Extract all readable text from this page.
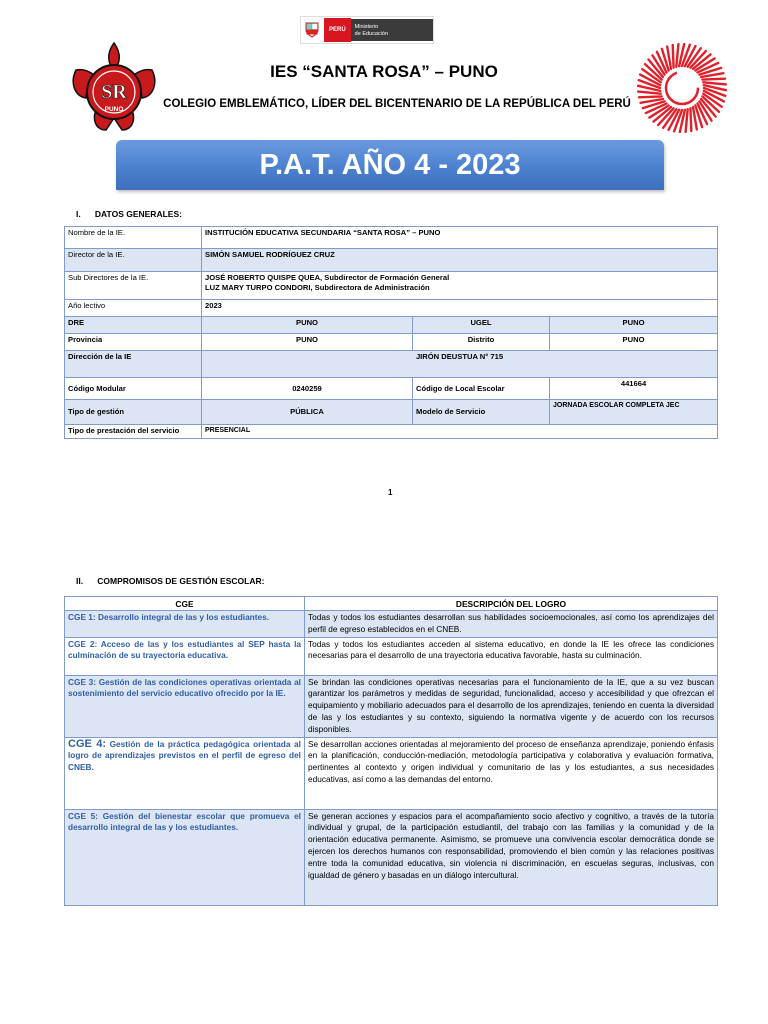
PERÚ	Ministerio
de Educación
SR
PUNO
IES “SANTA ROSA” – PUNO
COLEGIO EMBLEMÁTICO, LÍDER DEL BICENTENARIO DE LA REPÚBLICA DEL PERÚ
P.A.T. AÑO 4 - 2023
I.      DATOS GENERALES:
Nombre de la IE.	INSTITUCIÓN EDUCATIVA SECUNDARIA “SANTA ROSA” – PUNO		
Director de la IE.	SIMÓN SAMUEL RODRÍGUEZ CRUZ		
Sub Directores de la IE.	JOSÉ ROBERTO QUISPE QUEA, Subdirector de Formación General
LUZ MARY TURPO CONDORI, Subdirectora de Administración		

Año lectivo	2023		
DRE	PUNO	UGEL	PUNO
Provincia	PUNO	Distrito	PUNO
Dirección de la IE	JIRÓN DEUSTUA N° 715		
Código Modular	0240259	Código de Local Escolar	441664
Tipo de gestión	PÚBLICA	Modelo de Servicio	JORNADA ESCOLAR COMPLETA JEC
Tipo de prestación del servicio	PRESENCIAL		
1
II.      COMPROMISOS DE GESTIÓN ESCOLAR:
CGE	DESCRIPCIÓN DEL LOGRO
CGE 1: Desarrollo integral de las y los estudiantes.	Todas y todos los estudiantes desarrollan sus habilidades socioemocionales, así como los aprendizajes del perfil de egreso establecidos en el CNEB.
CGE 2: Acceso de las y los estudiantes al SEP hasta la culminación de su trayectoria educativa.	Todas y todos los estudiantes acceden al sistema educativo, en donde la IE les ofrece las condiciones necesarias para el desarrollo de una trayectoria educativa favorable, hasta su culminación.
CGE 3: Gestión de las condiciones operativas orientada al sostenimiento del servicio educativo ofrecido por la IE.	Se brindan las condiciones operativas necesarias para el funcionamiento de la IE, que a su vez buscan garantizar los parámetros y medidas de seguridad, funcionalidad, acceso y accesibilidad y que ofrezcan el equipamiento y mobiliario adecuados para el desarrollo de los aprendizajes, teniendo en cuenta la diversidad de las y los estudiantes y su contexto, siguiendo la normativa vigente y de acuerdo con los recursos disponibles.
CGE 4: Gestión de la práctica pedagógica orientada al logro de aprendizajes previstos en el perfil de egreso del CNEB.	Se desarrollan acciones orientadas al mejoramiento del proceso de enseñanza aprendizaje, poniendo énfasis en la planificación, conducción-mediación, metodología participativa y colaborativa y evaluación formativa, pertinentes al contexto y origen individual y comunitario de las y los estudiantes, a sus necesidades educativas, así como a las demandas del entorno.
CGE 5: Gestión del bienestar escolar que promueva el desarrollo integral de las y los estudiantes.	Se generan acciones y espacios para el acompañamiento socio afectivo y cognitivo, a través de la tutoría individual y grupal, de la participación estudiantil, del trabajo con las familias y la comunidad y de la orientación educativa permanente. Asimismo, se promueve una convivencia escolar democrática donde se ejercen los derechos humanos con responsabilidad, promoviendo el bien común y las relaciones positivas entre toda la comunidad educativa, sin violencia ni discriminación, en escuelas seguras, inclusivas, con igualdad de género y basadas en un diálogo intercultural.
